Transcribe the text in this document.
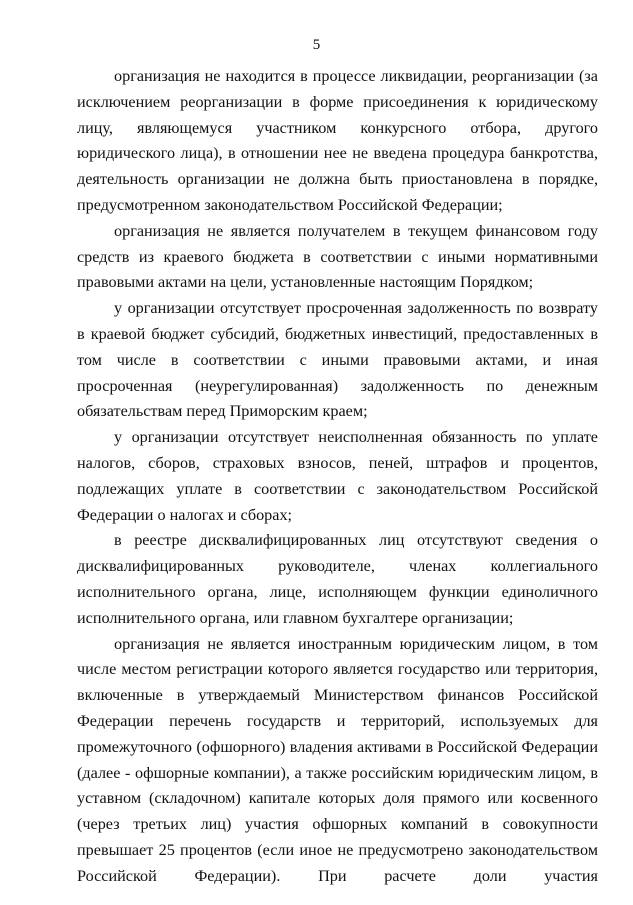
5

организация не находится в процессе ликвидации, реорганизации (за исключением реорганизации в форме присоединения к юридическому лицу, являющемуся участником конкурсного отбора, другого юридического лица), в отношении нее не введена процедура банкротства, деятельность организации не должна быть приостановлена в порядке, предусмотренном законодательством Российской Федерации;

организация не является получателем в текущем финансовом году средств из краевого бюджета в соответствии с иными нормативными правовыми актами на цели, установленные настоящим Порядком;

у организации отсутствует просроченная задолженность по возврату в краевой бюджет субсидий, бюджетных инвестиций, предоставленных в том числе в соответствии с иными правовыми актами, и иная просроченная (неурегулированная) задолженность по денежным обязательствам перед Приморским краем;

у организации отсутствует неисполненная обязанность по уплате налогов, сборов, страховых взносов, пеней, штрафов и процентов, подлежащих уплате в соответствии с законодательством Российской Федерации о налогах и сборах;

в реестре дисквалифицированных лиц отсутствуют сведения о дисквалифицированных руководителе, членах коллегиального исполнительного органа, лице, исполняющем функции единоличного исполнительного органа, или главном бухгалтере организации;

организация не является иностранным юридическим лицом, в том числе местом регистрации которого является государство или территория, включенные в утверждаемый Министерством финансов Российской Федерации перечень государств и территорий, используемых для промежуточного (офшорного) владения активами в Российской Федерации (далее - офшорные компании), а также российским юридическим лицом, в уставном (складочном) капитале которых доля прямого или косвенного (через третьих лиц) участия офшорных компаний в совокупности превышает 25 процентов (если иное не предусмотрено законодательством Российской Федерации). При расчете доли участия
